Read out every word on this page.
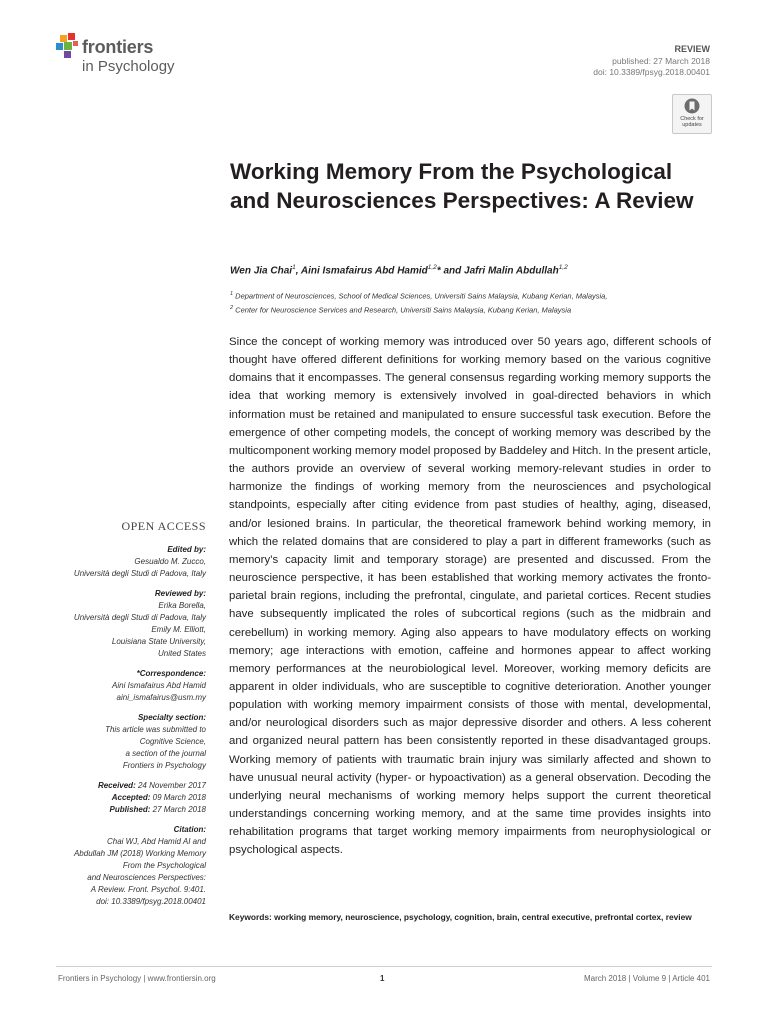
frontiers
in Psychology
REVIEW
published: 27 March 2018
doi: 10.3389/fpsyg.2018.00401
Check for
updates
Working Memory From the Psychological and Neurosciences Perspectives: A Review
Wen Jia Chai$^1$, Aini Ismafairus Abd Hamid$^{1,2}$* and Jafri Malin Abdullah$^{1,2}$
$^1$ Department of Neurosciences, School of Medical Sciences, Universiti Sains Malaysia, Kubang Kerian, Malaysia,
$^2$ Center for Neuroscience Services and Research, Universiti Sains Malaysia, Kubang Kerian, Malaysia

Since the concept of working memory was introduced over 50 years ago, different schools of thought have offered different definitions for working memory based on the various cognitive domains that it encompasses. The general consensus regarding working memory supports the idea that working memory is extensively involved in goal-directed behaviors in which information must be retained and manipulated to ensure successful task execution. Before the emergence of other competing models, the concept of working memory was described by the multicomponent working memory model proposed by Baddeley and Hitch. In the present article, the authors provide an overview of several working memory-relevant studies in order to harmonize the findings of working memory from the neurosciences and psychological standpoints, especially after citing evidence from past studies of healthy, aging, diseased, and/or lesioned brains. In particular, the theoretical framework behind working memory, in which the related domains that are considered to play a part in different frameworks (such as memory’s capacity limit and temporary storage) are presented and discussed. From the neuroscience perspective, it has been established that working memory activates the fronto-parietal brain regions, including the prefrontal, cingulate, and parietal cortices. Recent studies have subsequently implicated the roles of subcortical regions (such as the midbrain and cerebellum) in working memory. Aging also appears to have modulatory effects on working memory; age interactions with emotion, caffeine and hormones appear to affect working memory performances at the neurobiological level. Moreover, working memory deficits are apparent in older individuals, who are susceptible to cognitive deterioration. Another younger population with working memory impairment consists of those with mental, developmental, and/or neurological disorders such as major depressive disorder and others. A less coherent and organized neural pattern has been consistently reported in these disadvantaged groups. Working memory of patients with traumatic brain injury was similarly affected and shown to have unusual neural activity (hyper- or hypoactivation) as a general observation. Decoding the underlying neural mechanisms of working memory helps support the current theoretical understandings concerning working memory, and at the same time provides insights into rehabilitation programs that target working memory impairments from neurophysiological or psychological aspects.

Keywords: working memory, neuroscience, psychology, cognition, brain, central executive, prefrontal cortex, review

OPEN ACCESS
Edited by:
Gesualdo M. Zucco,
Università degli Studi di Padova, Italy
Reviewed by:
Erika Borella,
Università degli Studi di Padova, Italy
Emily M. Elliott,
Louisiana State University,
United States
*Correspondence:
Aini Ismafairus Abd Hamid
aini_ismafairus@usm.my
Specialty section:
This article was submitted to
Cognitive Science,
a section of the journal
Frontiers in Psychology
Received: 24 November 2017
Accepted: 09 March 2018
Published: 27 March 2018
Citation:
Chai WJ, Abd Hamid AI and
Abdullah JM (2018) Working Memory
From the Psychological
and Neurosciences Perspectives:
A Review. Front. Psychol. 9:401.
doi: 10.3389/fpsyg.2018.00401
Frontiers in Psychology | www.frontiersin.org	1	March 2018 | Volume 9 | Article 401
